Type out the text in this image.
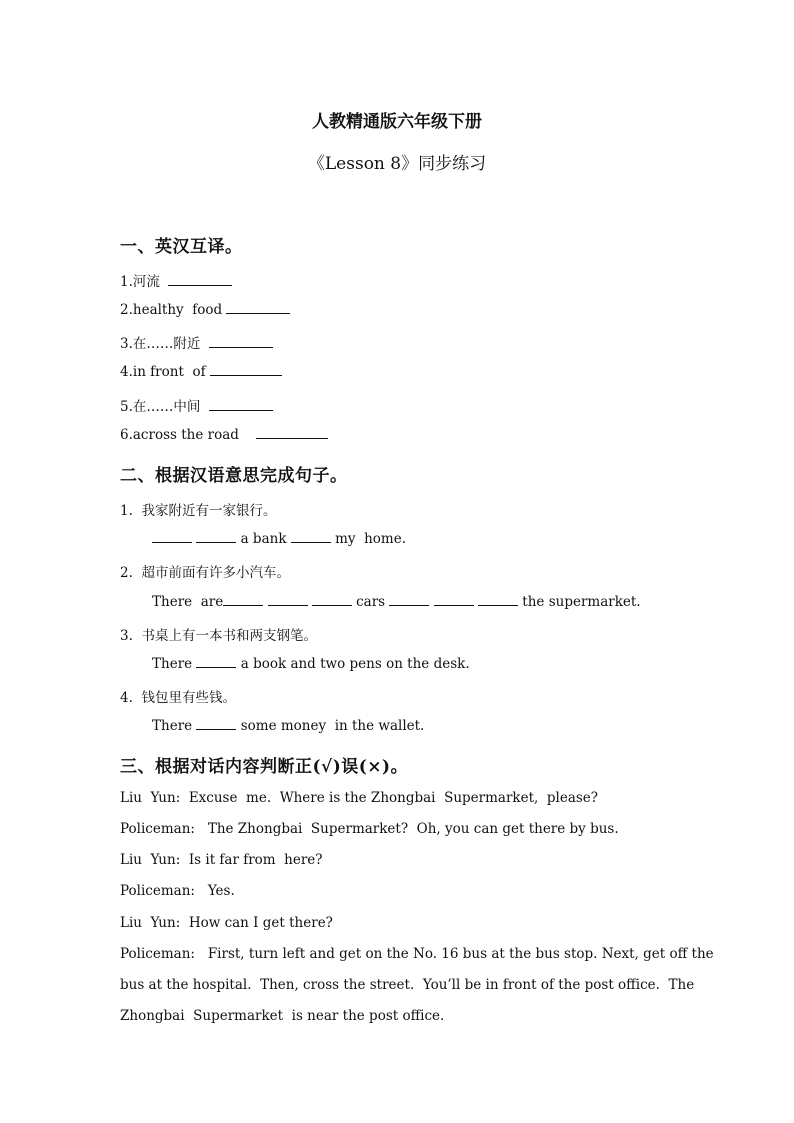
人教精通版六年级下册
《Lesson 8》同步练习
一、英汉互译。
1.河流
2.healthy  food
3.在……附近
4.in front  of
5.在……中间
6.across the road
二、根据汉语意思完成句子。
1.  我家附近有一家银行。
a bank	my  home.
2.  超市前面有许多小汽车。
There  are	cars	the supermarket.
3.  书桌上有一本书和两支钢笔。
There	a book and two pens on the desk.
4.  钱包里有些钱。
There	some money  in the wallet.
三、根据对话内容判断正(√)误(×)。
Liu  Yun:  Excuse  me.  Where is the Zhongbai  Supermarket,  please?
Policeman:   The Zhongbai  Supermarket?  Oh, you can get there by bus.
Liu  Yun:  Is it far from  here?
Policeman:   Yes.
Liu  Yun:  How can I get there?
Policeman:   First, turn left and get on the No. 16 bus at the bus stop. Next, get off the
bus at the hospital.  Then, cross the street.  You’ll be in front of the post office.  The
Zhongbai  Supermarket  is near the post office.
